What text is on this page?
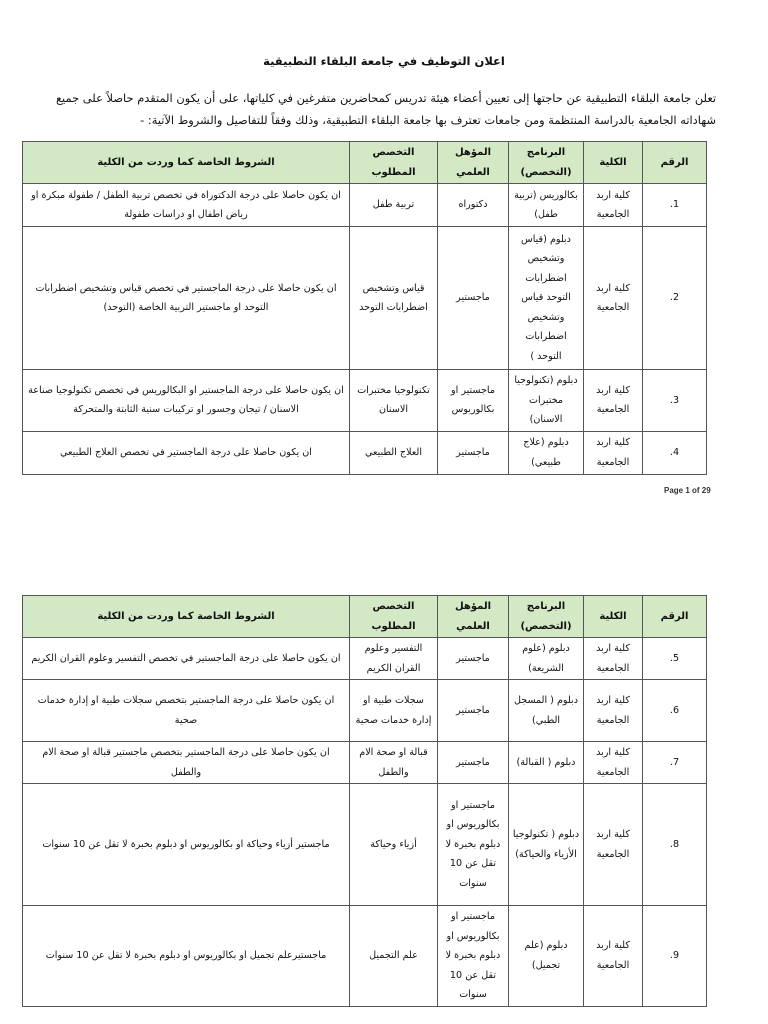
اعلان التوظيف في جامعة البلقاء التطبيقية
تعلن جامعة البلقاء التطبيقية عن حاجتها إلى تعيين أعضاء هيئة تدريس كمحاضرين متفرغين في كلياتها، على أن يكون المتقدم حاصلاً على جميع
شهاداته الجامعية بالدراسة المنتظمة ومن جامعات تعترف بها جامعة البلقاء التطبيقية، وذلك وفقاً للتفاصيل والشروط الآتية: -
الرقم	الكلية	البرنامج (التخصص)	المؤهل العلمي	التخصص المطلوب	الشروط الخاصة كما وردت من الكلية
.1	كلية اربد الجامعية	بكالوريس (تربية طفل)	دكتوراه	تربية طفل	ان يكون حاصلا على درجة الدكتوراة في تخصص تربية الطفل / طفولة مبكرة او رياض اطفال او دراسات طفولة
.2	كلية اربد الجامعية	دبلوم (قياس وتشخيص اضطرابات التوحد قياس وتشخيص اضطرابات التوحد )	ماجستير	قياس وتشخيص اضطرابات التوحد	ان يكون حاصلا على درجة الماجستير في تخصص قياس وتشخيص اضطرابات التوحد او ماجستير التربية الخاصة (التوحد)
.3	كلية اربد الجامعية	دبلوم (تكنولوجيا مختبرات الاسنان)	ماجستير او بكالوريوس	تكنولوجيا مختبرات الاسنان	ان يكون حاصلا على درجة الماجستير او البكالوريس في تخصص تكنولوجيا صناعة الاسنان / تيجان وجسور او تركيبات سنية الثابتة والمتحركة
.4	كلية اربد الجامعية	دبلوم (علاج طبيعي)	ماجستير	العلاج الطبيعي	ان يكون حاصلا على درجة الماجستير في تخصص العلاج الطبيعي
Page 1 of 29
الرقم	الكلية	البرنامج (التخصص)	المؤهل العلمي	التخصص المطلوب	الشروط الخاصة كما وردت من الكلية
.5	كلية اربد الجامعية	دبلوم (علوم الشريعة)	ماجستير	التفسير وعلوم القران الكريم	ان يكون حاصلا على درجة الماجستير في تخصص التفسير وعلوم القران الكريم
.6	كلية اربد الجامعية	دبلوم ( المسجل الطبي)	ماجستير	سجلات طبية او إدارة خدمات صحية	ان يكون حاصلا على درجة الماجستير بتخصص سجلات طبية او إدارة خدمات صحية
.7	كلية اربد الجامعية	دبلوم ( القبالة)	ماجستير	قبالة او صحة الام والطفل	ان يكون حاصلا على درجة الماجستير بتخصص ماجستير قبالة او صحة الام والطفل
.8	كلية اربد الجامعية	دبلوم ( تكنولوجيا الأزياء والحياكة)	ماجستير او بكالوريوس او دبلوم بخبرة لا تقل عن 10 سنوات	أزياء وحياكة	ماجستير أزياء وحياكة او بكالوريوس او دبلوم بخبرة لا تقل عن 10 سنوات
.9	كلية اربد الجامعية	دبلوم (علم تجميل)	ماجستير او بكالوريوس او دبلوم بخبرة لا تقل عن 10 سنوات	علم التجميل	ماجستيرعلم تجميل او بكالوريوس او دبلوم بخبرة لا تقل عن 10 سنوات
